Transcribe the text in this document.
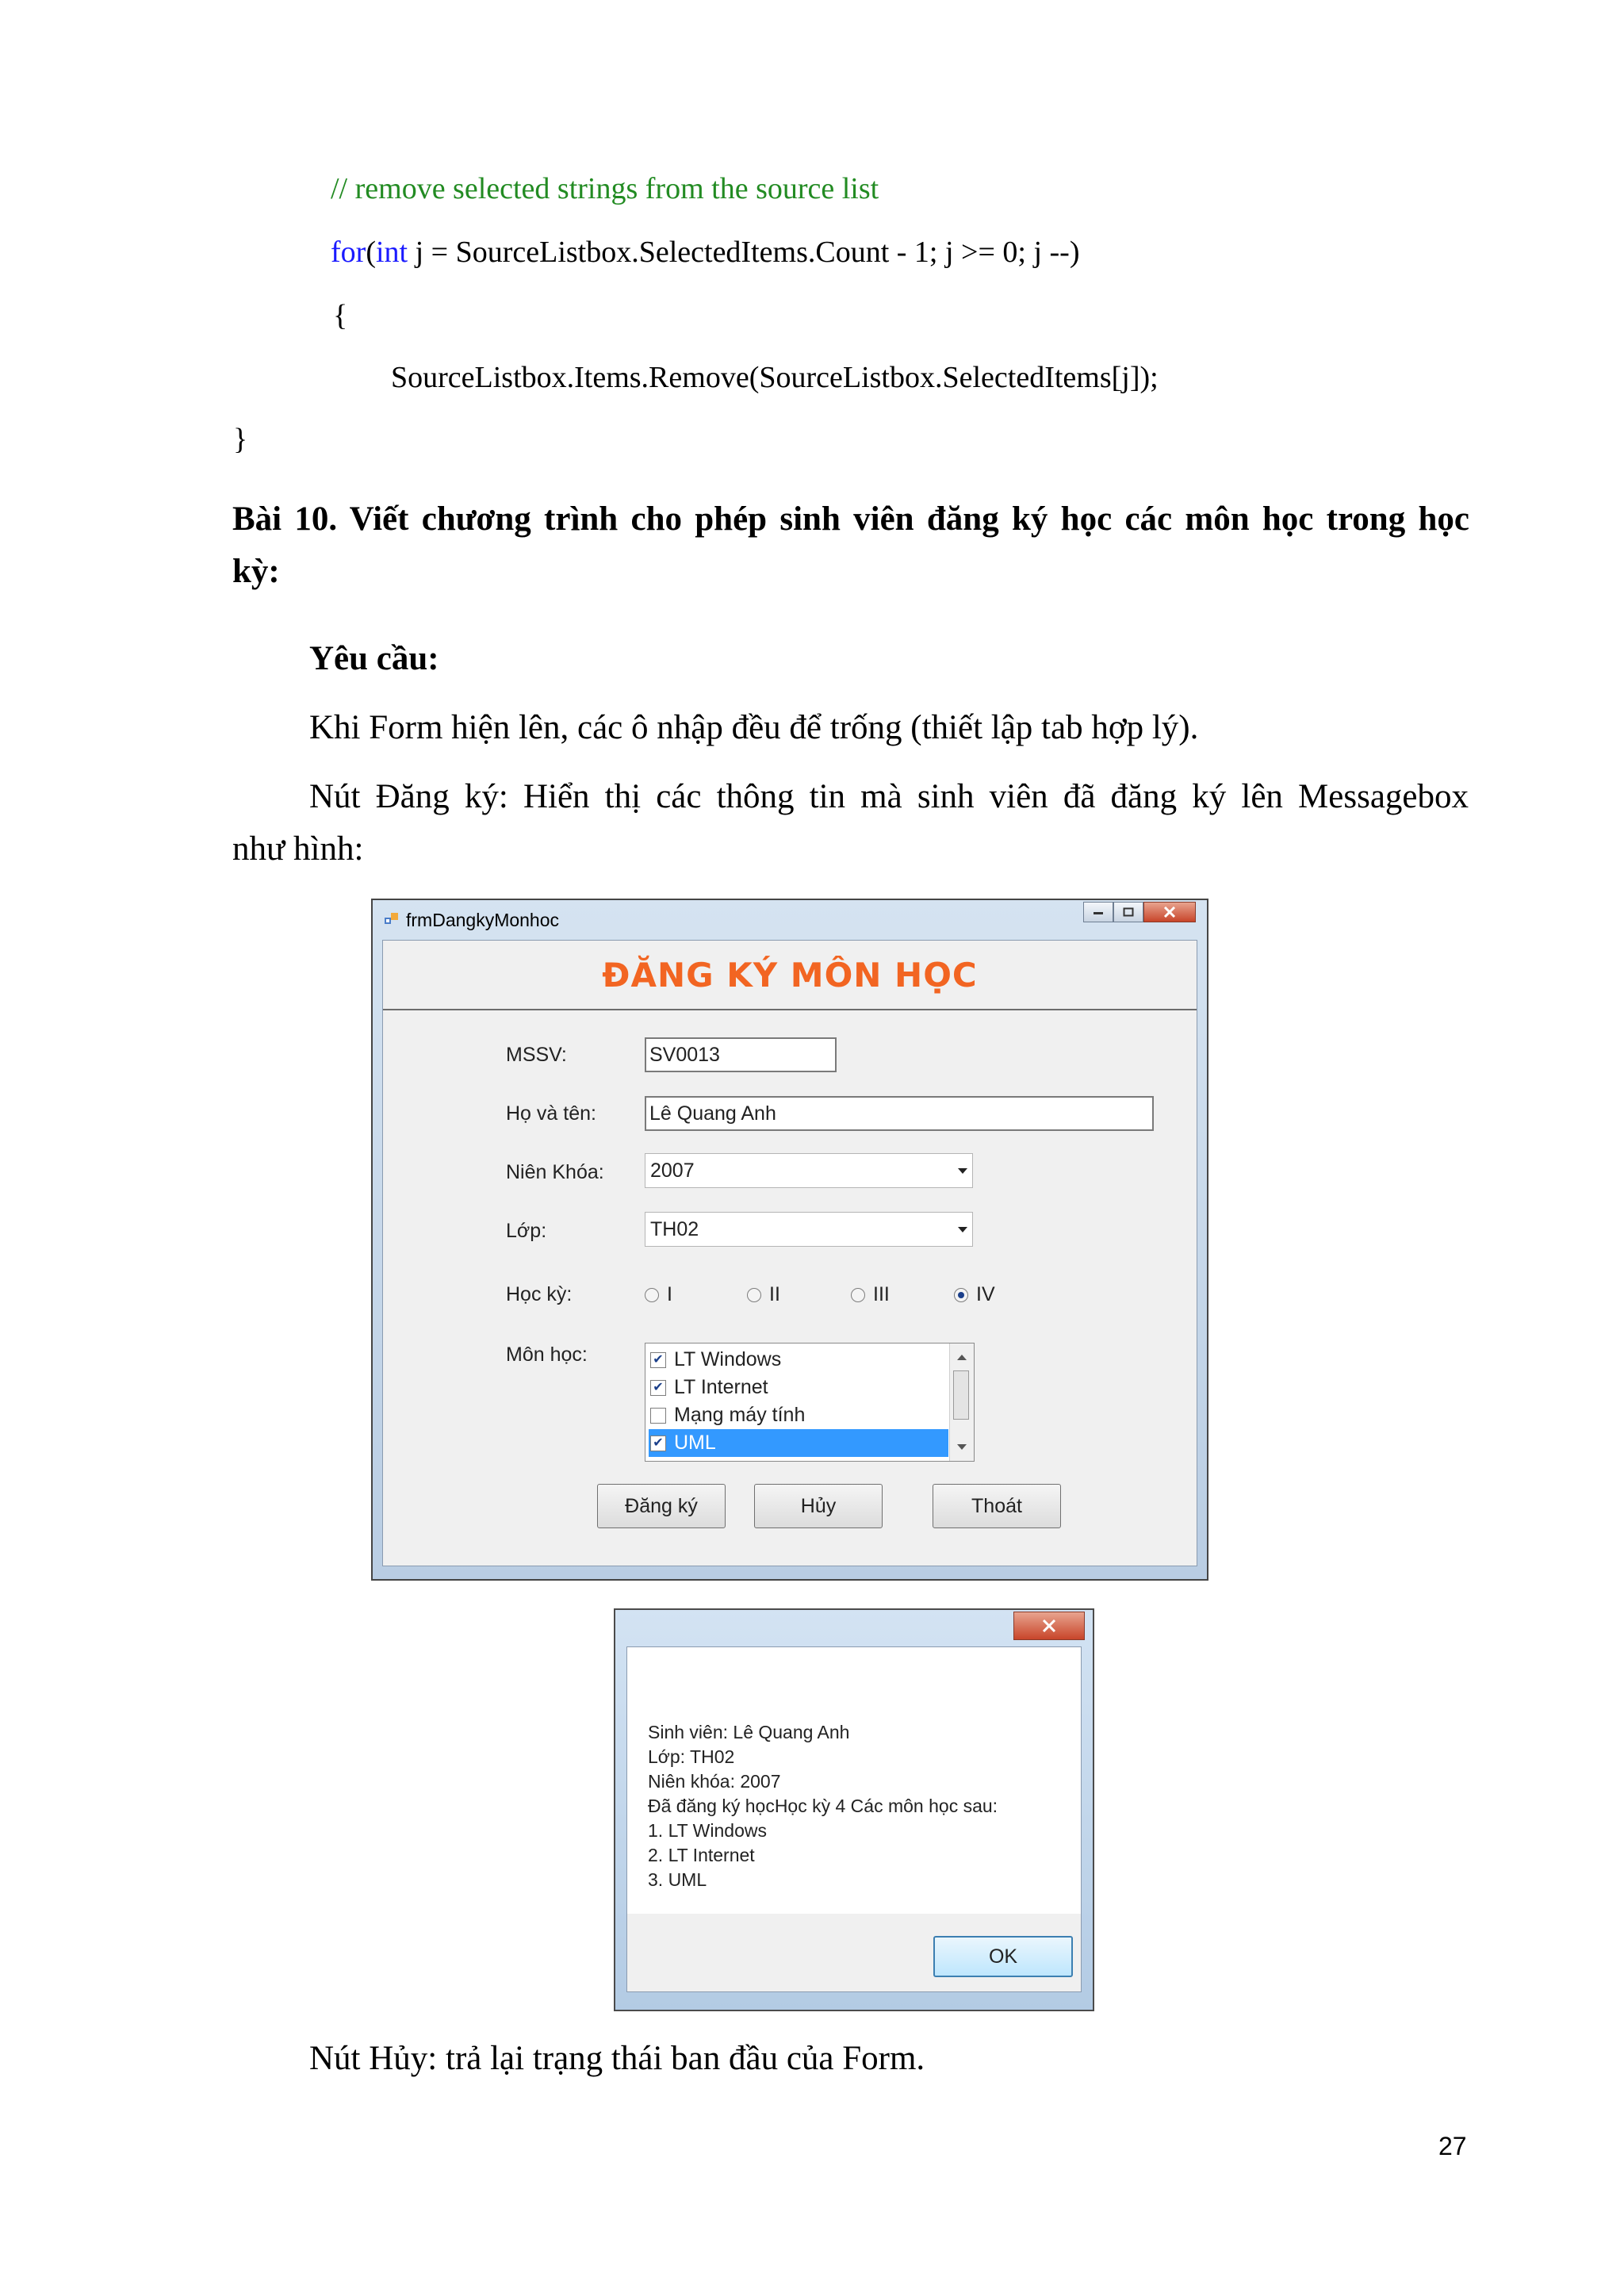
// remove selected strings from the source list
for(int j = SourceListbox.SelectedItems.Count - 1; j >= 0; j --)
{
SourceListbox.Items.Remove(SourceListbox.SelectedItems[j]);
}
Bài 10. Viết chương trình cho phép sinh viên đăng ký học các môn học trong học
kỳ:
Yêu cầu:
Khi Form hiện lên, các ô nhập đều để trống (thiết lập tab hợp lý).
Nút Đăng ký: Hiển thị các thông tin mà sinh viên đã đăng ký lên Messagebox
như hình:
frmDangkyMonhoc
ĐĂNG KÝ MÔN HỌC
MSSV:	SV0013
Họ và tên:	Lê Quang Anh
Niên Khóa: 2007
Lớp:	TH02
Học kỳ:	I	II	III	IV
Môn học:	✔ LT Windows
✔ LT Internet
Mạng máy tính
✔ UML
Đăng ký	Hủy	Thoát
Sinh viên: Lê Quang Anh
Lớp: TH02
Niên khóa: 2007
Đã đăng ký họcHọc kỳ 4 Các môn học sau:
1. LT Windows
2. LT Internet
3. UML
OK
Nút Hủy: trả lại trạng thái ban đầu của Form.
27
